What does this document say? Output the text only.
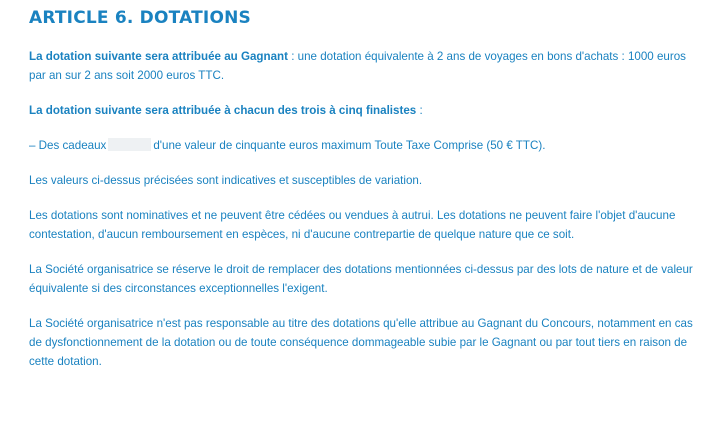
ARTICLE 6. DOTATIONS

La dotation suivante sera attribuée au Gagnant : une dotation équivalente à 2 ans de voyages en bons d'achats : 1000 euros par an sur 2 ans soit 2000 euros TTC.

La dotation suivante sera attribuée à chacun des trois à cinq finalistes :

– Des cadeaux	d'une valeur de cinquante euros maximum Toute Taxe Comprise (50 € TTC).

Les valeurs ci-dessus précisées sont indicatives et susceptibles de variation.

Les dotations sont nominatives et ne peuvent être cédées ou vendues à autrui. Les dotations ne peuvent faire l'objet d'aucune contestation, d'aucun remboursement en espèces, ni d'aucune contrepartie de quelque nature que ce soit.

La Société organisatrice se réserve le droit de remplacer des dotations mentionnées ci-dessus par des lots de nature et de valeur équivalente si des circonstances exceptionnelles l'exigent.

La Société organisatrice n'est pas responsable au titre des dotations qu'elle attribue au Gagnant du Concours, notamment en cas de dysfonctionnement de la dotation ou de toute conséquence dommageable subie par le Gagnant ou par tout tiers en raison de cette dotation.
